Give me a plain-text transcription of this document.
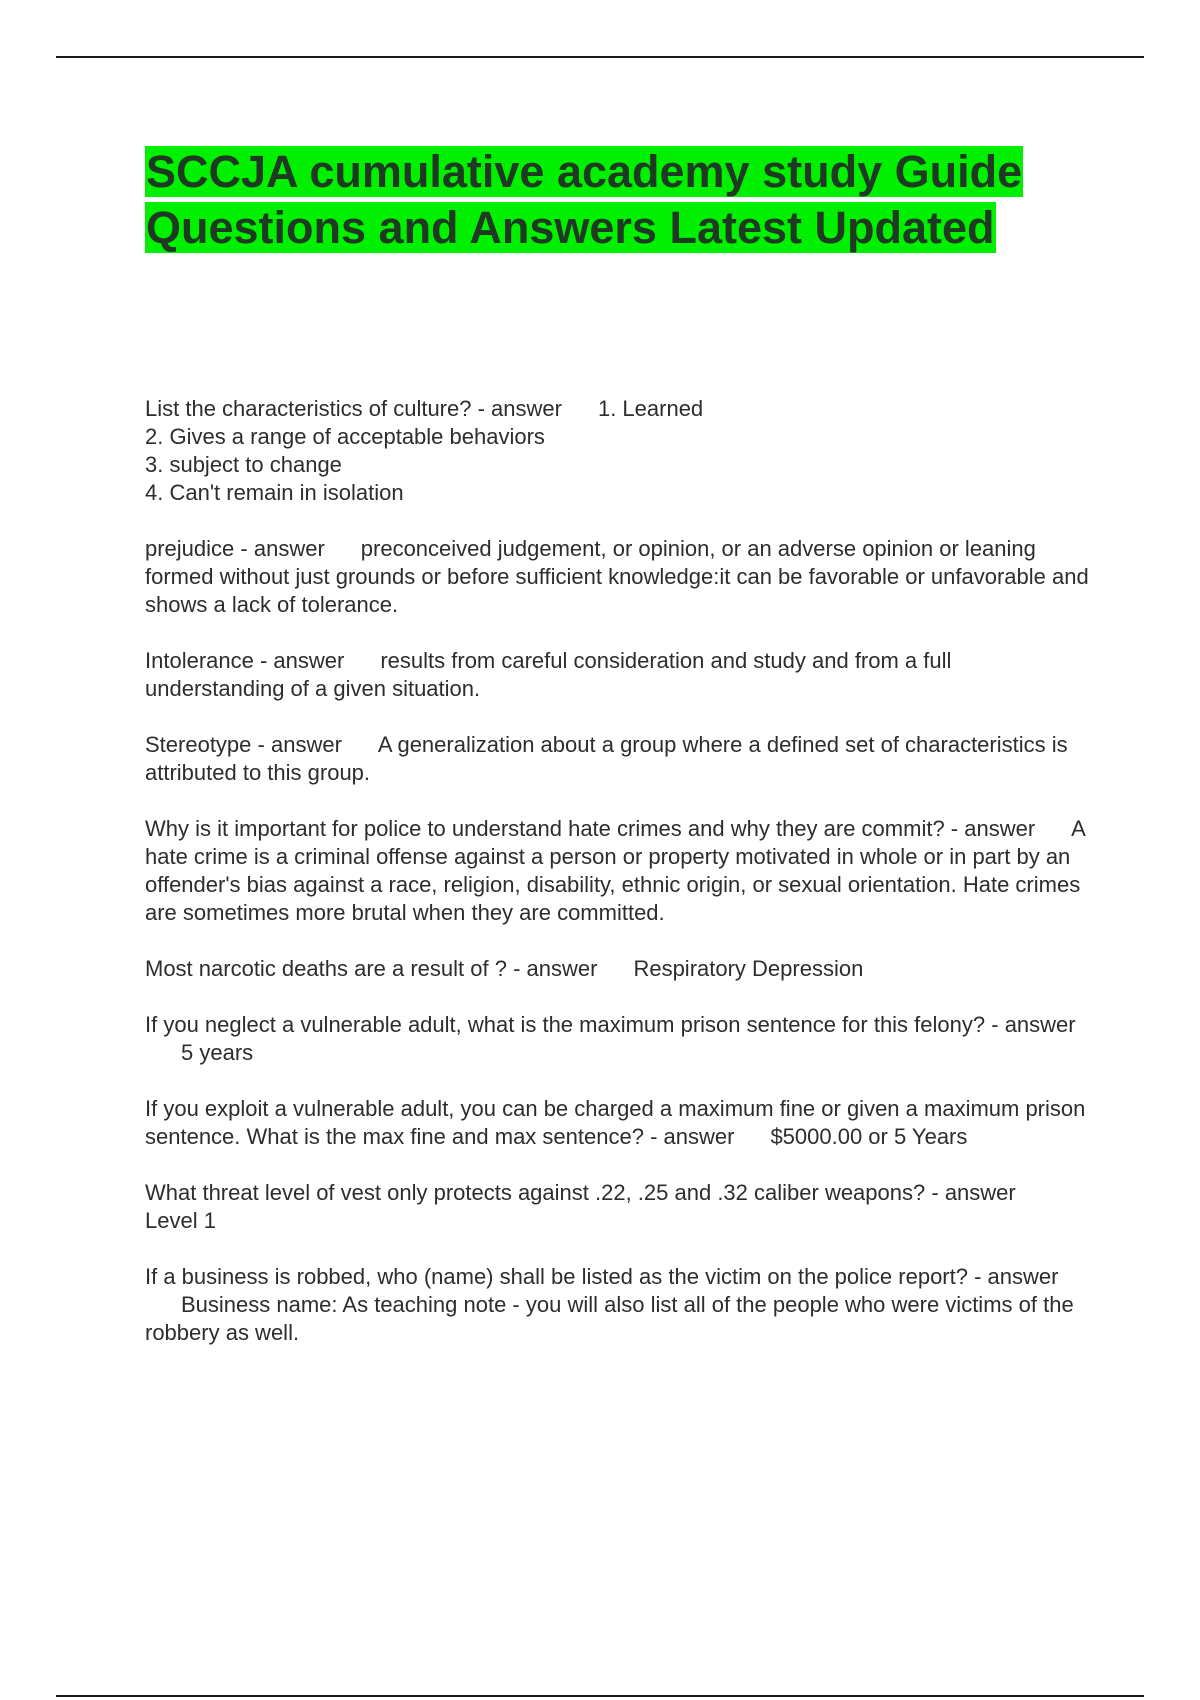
SCCJA cumulative academy study Guide Questions and Answers Latest Updated

List the characteristics of culture? - answer 1. Learned
2. Gives a range of acceptable behaviors
3. subject to change
4. Can't remain in isolation

prejudice - answer preconceived judgement, or opinion, or an adverse opinion or leaning formed without just grounds or before sufficient knowledge:it can be favorable or unfavorable and shows a lack of tolerance.

Intolerance - answer results from careful consideration and study and from a full understanding of a given situation.

Stereotype - answer A generalization about a group where a defined set of characteristics is attributed to this group.

Why is it important for police to understand hate crimes and why they are commit? - answer A hate crime is a criminal offense against a person or property motivated in whole or in part by an offender's bias against a race, religion, disability, ethnic origin, or sexual orientation. Hate crimes are sometimes more brutal when they are committed.

Most narcotic deaths are a result of ? - answer Respiratory Depression

If you neglect a vulnerable adult, what is the maximum prison sentence for this felony? - answer5 years

If you exploit a vulnerable adult, you can be charged a maximum fine or given a maximum prison sentence. What is the max fine and max sentence? - answer $5000.00 or 5 Years

What threat level of vest only protects against .22, .25 and .32 caliber weapons? - answerLevel 1

If a business is robbed, who (name) shall be listed as the victim on the police report? - answerBusiness name: As teaching note - you will also list all of the people who were victims of the robbery as well.
